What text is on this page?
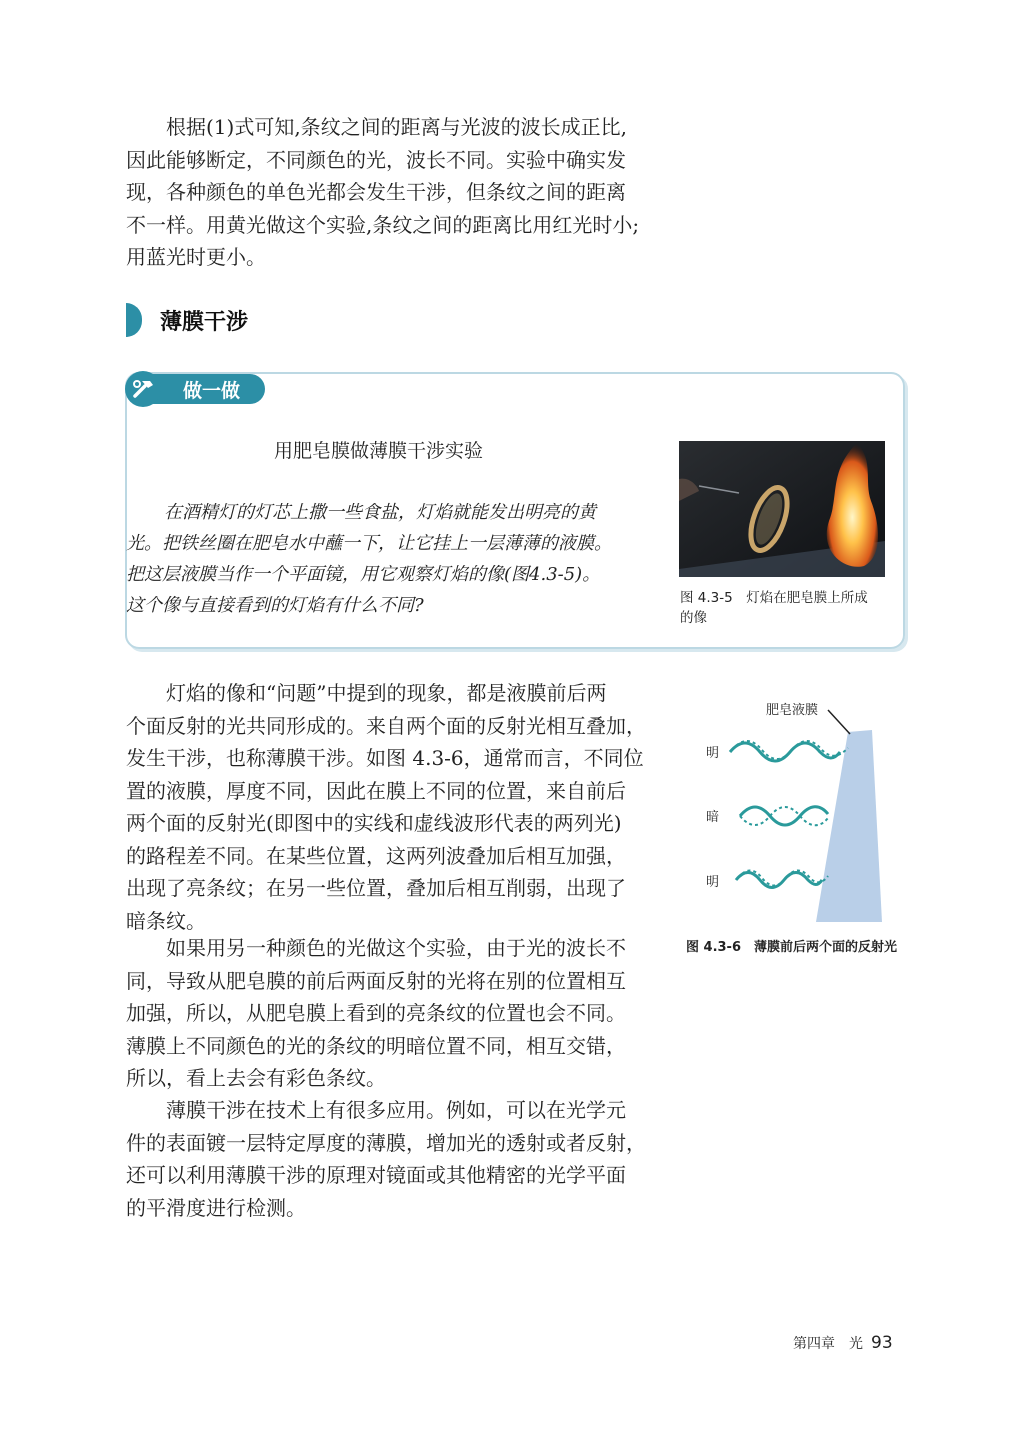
根据(1)式可知,条纹之间的距离与光波的波长成正比,
因此能够断定，不同颜色的光，波长不同。实验中确实发
现，各种颜色的单色光都会发生干涉，但条纹之间的距离
不一样。用黄光做这个实验,条纹之间的距离比用红光时小;
用蓝光时更小。
薄膜干涉
做一做
用肥皂膜做薄膜干涉实验
在酒精灯的灯芯上撒一些食盐，灯焰就能发出明亮的黄
光。把铁丝圈在肥皂水中蘸一下，让它挂上一层薄薄的液膜。
把这层液膜当作一个平面镜，用它观察灯焰的像(图4.3-5)。
这个像与直接看到的灯焰有什么不同?	图 4.3-5　灯焰在肥皂膜上所成
的像
灯焰的像和“问题”中提到的现象，都是液膜前后两
个面反射的光共同形成的。来自两个面的反射光相互叠加，
发生干涉，也称薄膜干涉。如图 4.3-6，通常而言，不同位
置的液膜，厚度不同，因此在膜上不同的位置，来自前后
两个面的反射光(即图中的实线和虚线波形代表的两列光)
的路程差不同。在某些位置，这两列波叠加后相互加强，
出现了亮条纹；在另一些位置，叠加后相互削弱，出现了
暗条纹。
如果用另一种颜色的光做这个实验，由于光的波长不
同，导致从肥皂膜的前后两面反射的光将在别的位置相互
加强，所以，从肥皂膜上看到的亮条纹的位置也会不同。
薄膜上不同颜色的光的条纹的明暗位置不同，相互交错，
所以，看上去会有彩色条纹。
薄膜干涉在技术上有很多应用。例如，可以在光学元
件的表面镀一层特定厚度的薄膜，增加光的透射或者反射，
还可以利用薄膜干涉的原理对镜面或其他精密的光学平面
的平滑度进行检测。
肥皂液膜
明
暗
明
图 4.3-6　薄膜前后两个面的反射光
第四章　光 93
